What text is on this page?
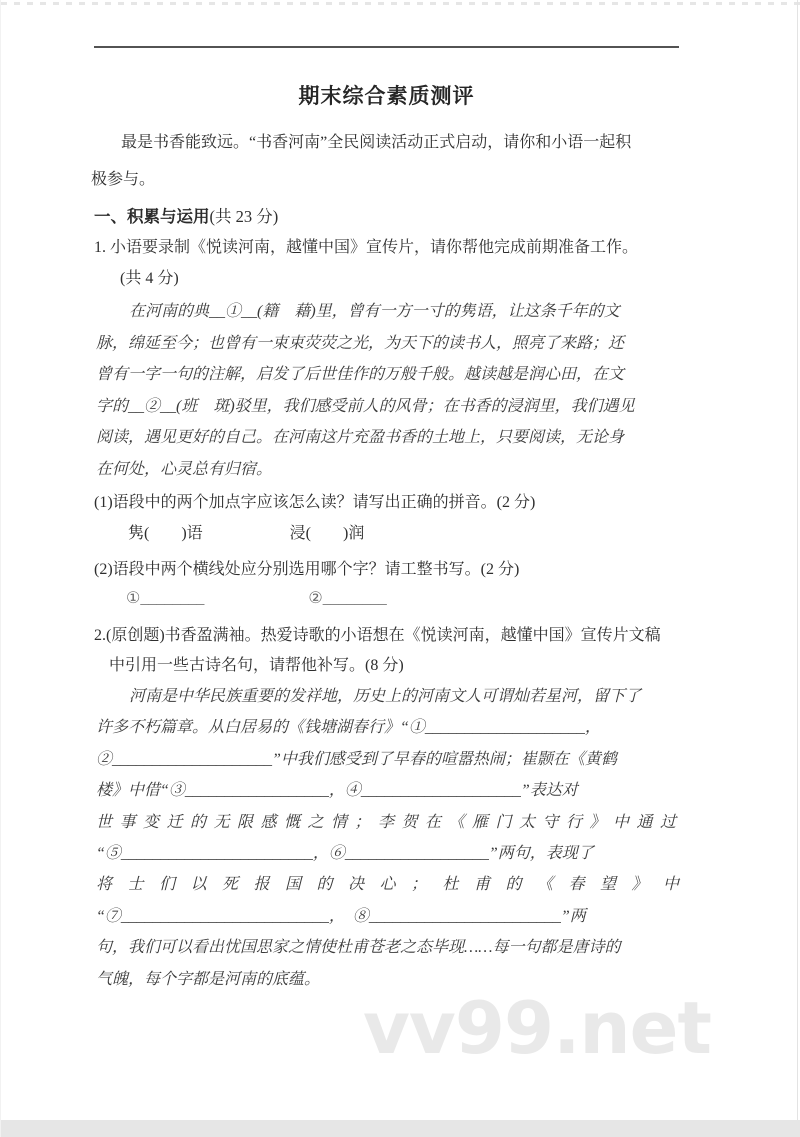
期末综合素质测评
最是书香能致远。“书香河南”全民阅读活动正式启动，请你和小语一起积
极参与。
一、积累与运用(共 23 分)
1. 小语要录制《悦读河南，越懂中国》宣传片，请你帮他完成前期准备工作。
(共 4 分)
在河南的典__①__(籍　藉)里，曾有一方一寸的隽语，让这条千年的文
脉，绵延至今；也曾有一束束荧荧之光，为天下的读书人，照亮了来路；还
曾有一字一句的注解，启发了后世佳作的万般千般。越读越是润心田，在文
字的__②__(班　斑)驳里，我们感受前人的风骨；在书香的浸润里，我们遇见
阅读，遇见更好的自己。在河南这片充盈书香的土地上，只要阅读，无论身
在何处，心灵总有归宿。
(1)语段中的两个加点字应该怎么读？请写出正确的拼音。(2 分)
隽(　　)语	浸(　　)润
(2)语段中两个横线处应分别选用哪个字？请工整书写。(2 分)
①________	②________
2.(原创题)书香盈满袖。热爱诗歌的小语想在《悦读河南，越懂中国》宣传片文稿
中引用一些古诗名句，请帮他补写。(8 分)
河南是中华民族重要的发祥地，历史上的河南文人可谓灿若星河，留下了
许多不朽篇章。从白居易的《钱塘湖春行》“①____________________，
②____________________”中我们感受到了早春的喧嚣热闹；崔颢在《黄鹤
楼》中借“③__________________，④____________________”表达对
世事变迁的无限感慨之情；李贺在《雁门太守行》中通过
“⑤________________________，⑥__________________”两句，表现了
将士们以死报国的决心；杜甫的《春望》中
“⑦__________________________，　⑧________________________”两
句，我们可以看出忧国思家之情使杜甫苍老之态毕现……每一句都是唐诗的
气魄，每个字都是河南的底蕴。
vv99.net
